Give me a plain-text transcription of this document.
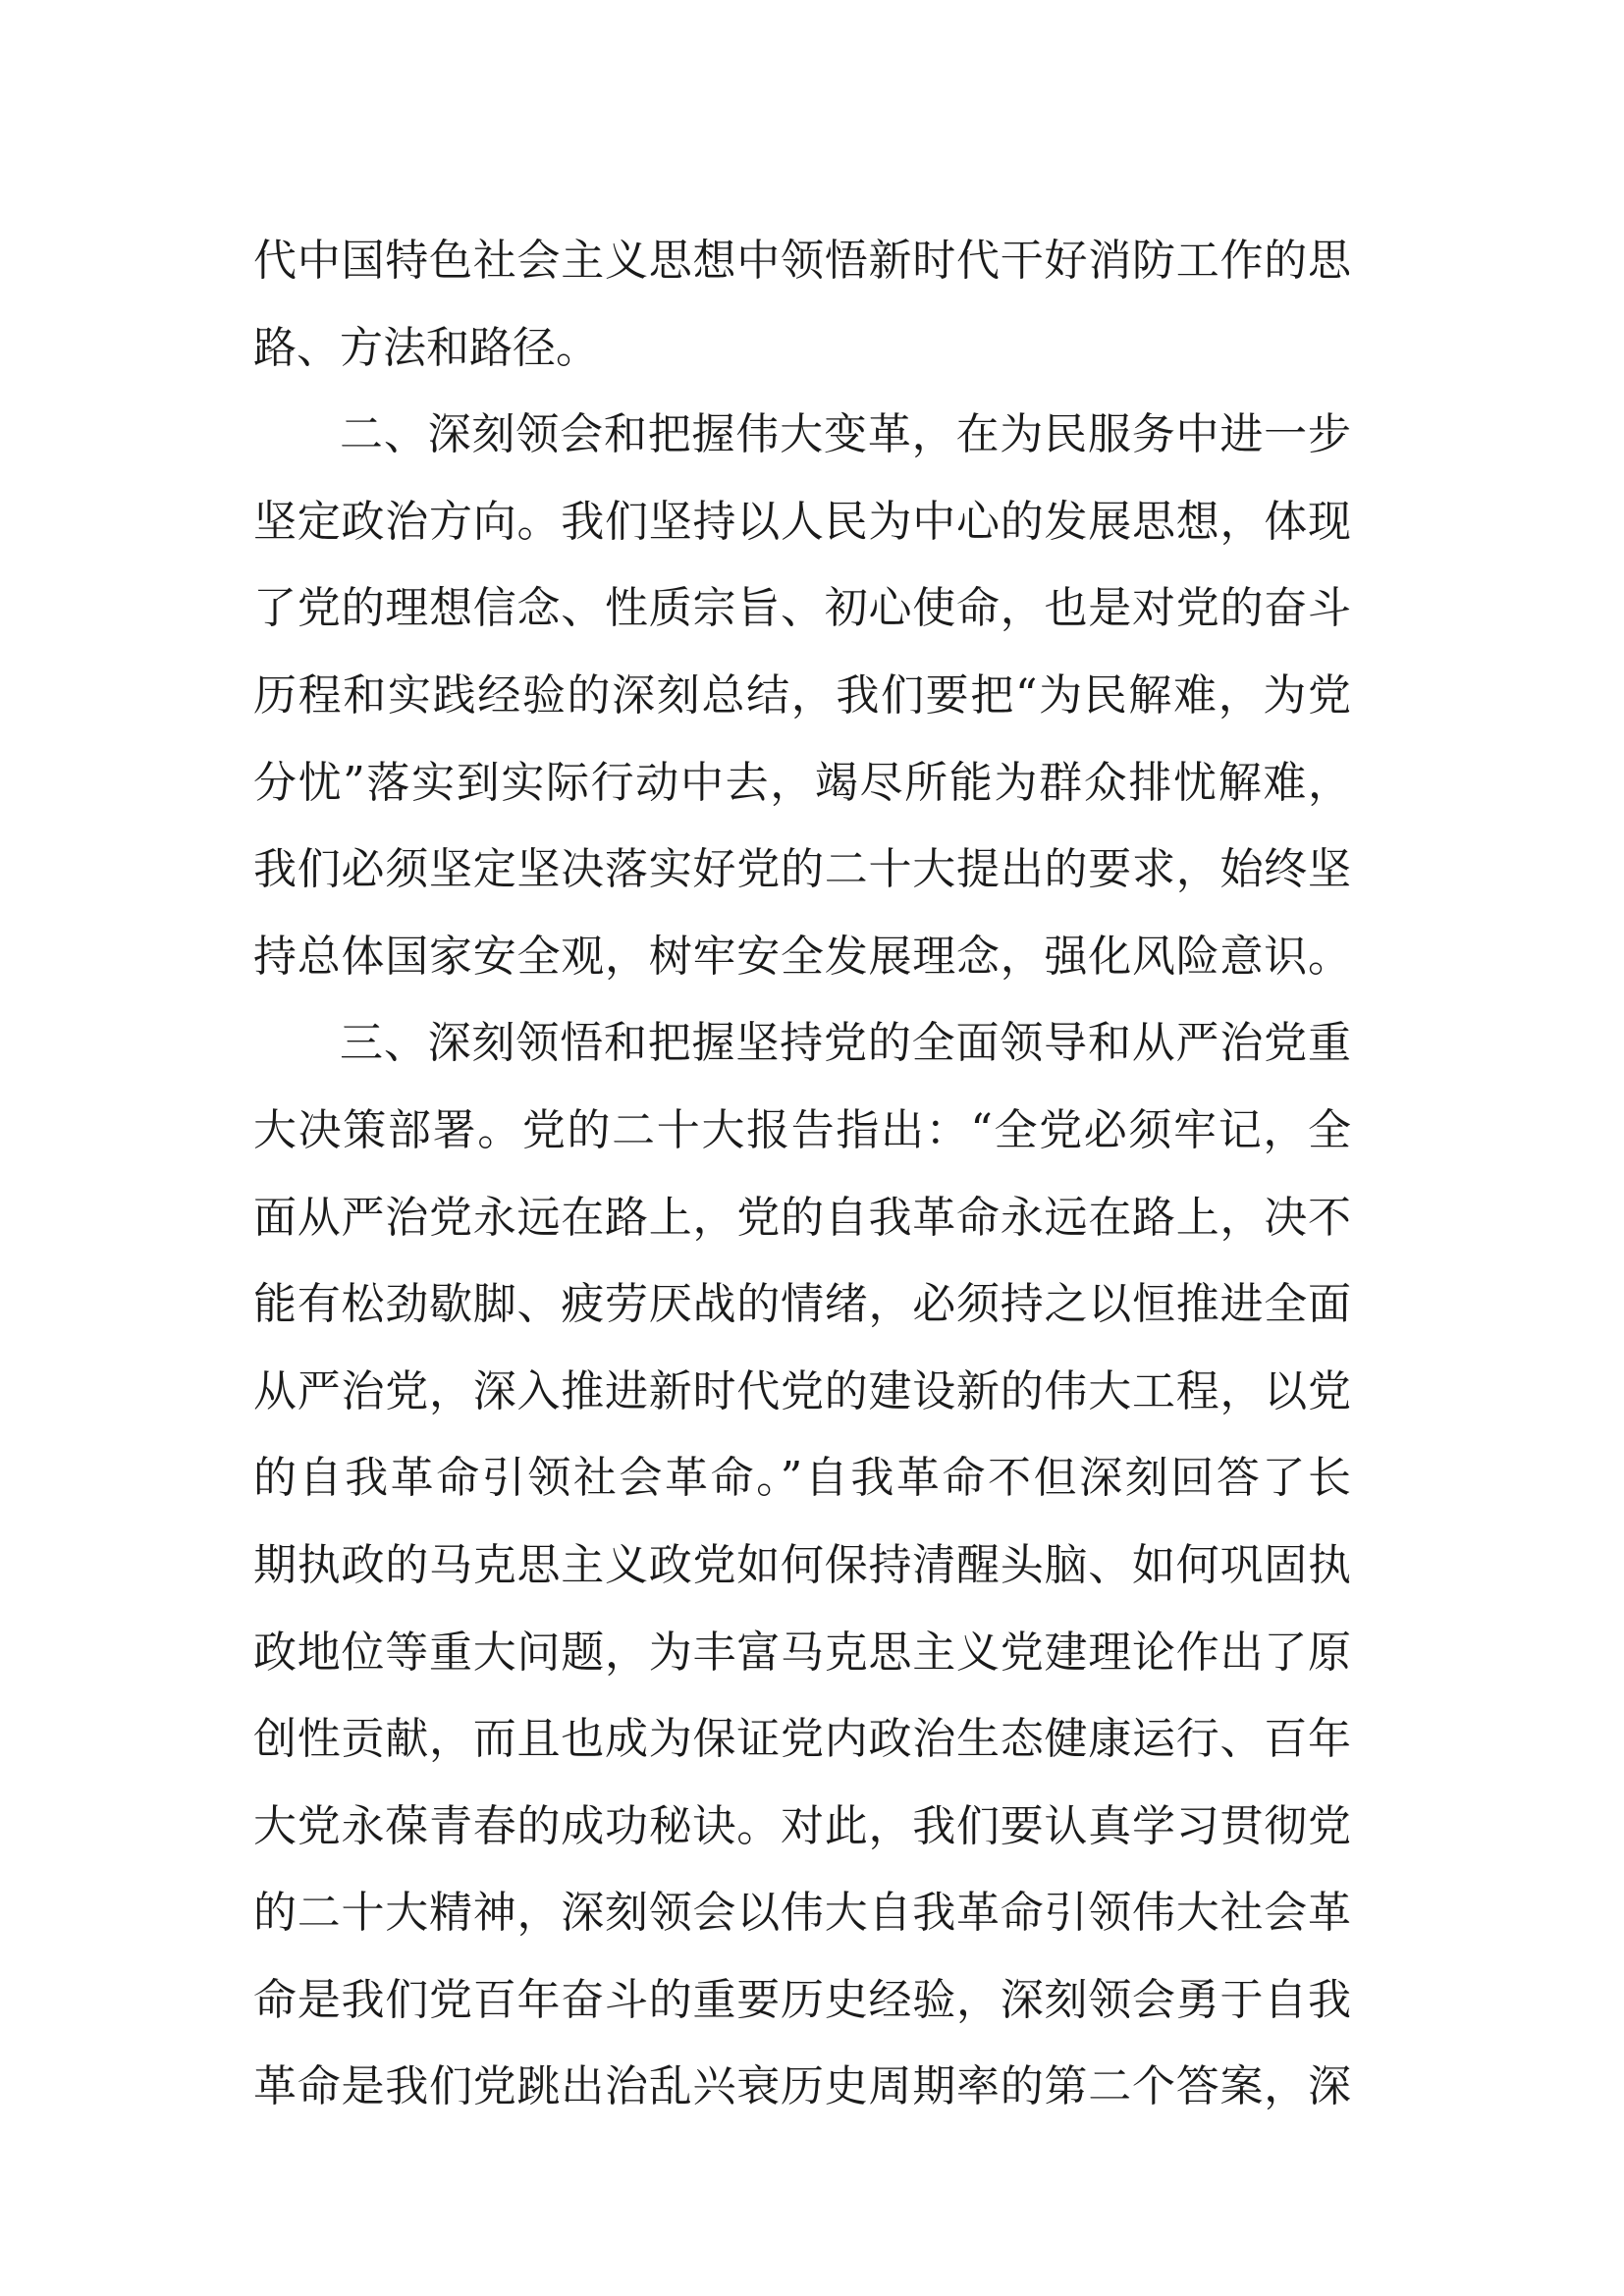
代中国特色社会主义思想中领悟新时代干好消防工作的思
路、方法和路径。
二、深刻领会和把握伟大变革，在为民服务中进一步
坚定政治方向。我们坚持以人民为中心的发展思想，体现
了党的理想信念、性质宗旨、初心使命，也是对党的奋斗
历程和实践经验的深刻总结，我们要把“为民解难，为党
分忧”落实到实际行动中去，竭尽所能为群众排忧解难，
我们必须坚定坚决落实好党的二十大提出的要求，始终坚
持总体国家安全观，树牢安全发展理念，强化风险意识。
三、深刻领悟和把握坚持党的全面领导和从严治党重
大决策部署。党的二十大报告指出：“全党必须牢记，全
面从严治党永远在路上，党的自我革命永远在路上，决不
能有松劲歇脚、疲劳厌战的情绪，必须持之以恒推进全面
从严治党，深入推进新时代党的建设新的伟大工程，以党
的自我革命引领社会革命。”自我革命不但深刻回答了长
期执政的马克思主义政党如何保持清醒头脑、如何巩固执
政地位等重大问题，为丰富马克思主义党建理论作出了原
创性贡献，而且也成为保证党内政治生态健康运行、百年
大党永葆青春的成功秘诀。对此，我们要认真学习贯彻党
的二十大精神，深刻领会以伟大自我革命引领伟大社会革
命是我们党百年奋斗的重要历史经验，深刻领会勇于自我
革命是我们党跳出治乱兴衰历史周期率的第二个答案，深
